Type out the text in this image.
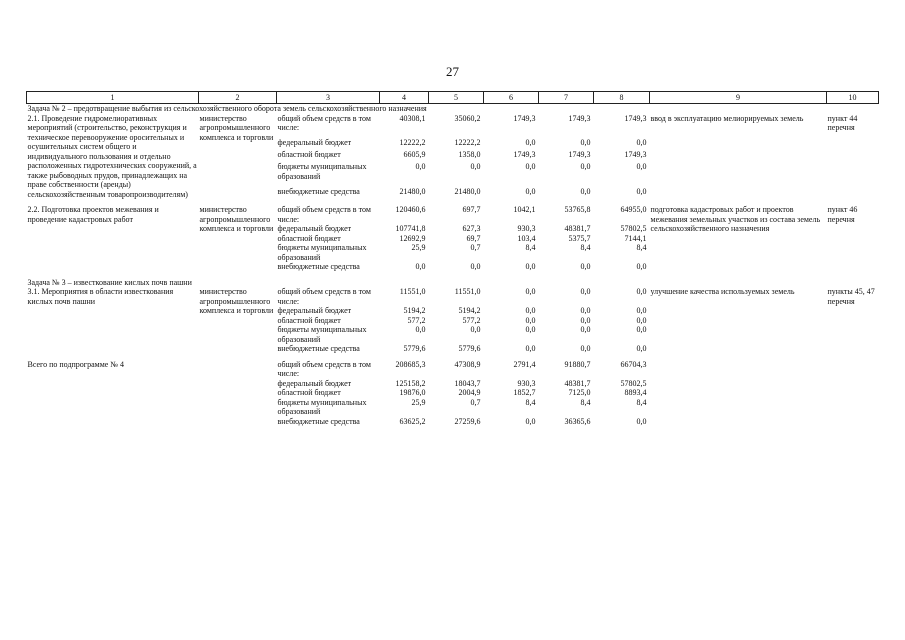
27
1	2	3	4	5	6	7	8	9	10
Задача № 2 – предотвращение выбытия из сельскохозяйственного оборота земель сельскохозяйственного назначения									
2.1. Проведение гидромелиоративных мероприятий (строительство, реконструкция и техническое перевооружение оросительных и осушительных систем общего и индивидуального пользования и отдельно расположенных гидротехнических сооружений, а также рыбоводных прудов, принадлежащих на праве собственности (аренды) сельскохозяйственным товаропроизводителям)	министерство агропромышленного комплекса и торговли	общий объем средств в том числе:	40308,1	35060,2	1749,3	1749,3	1749,3	ввод в эксплуатацию мелиорируемых земель	пункт 44 перечня
		федеральный бюджет	12222,2	12222,2	0,0	0,0	0,0		
		областной бюджет	6605,9	1358,0	1749,3	1749,3	1749,3		
		бюджеты муниципальных образований	0,0	0,0	0,0	0,0	0,0		
		внебюджетные средства	21480,0	21480,0	0,0	0,0	0,0		

2.2. Подготовка проектов межевания и проведение кадастровых работ	министерство агропромышленного комплекса и торговли	общий объем средств в том числе:	120460,6	697,7	1042,1	53765,8	64955,0	подготовка кадастровых работ и проектов межевания земельных участков из состава земель сельскохозяйственного назначения	пункт 46 перечня
		федеральный бюджет	107741,8	627,3	930,3	48381,7	57802,5		
		областной бюджет	12692,9	69,7	103,4	5375,7	7144,1		
		бюджеты муниципальных образований	25,9	0,7	8,4	8,4	8,4		
		внебюджетные средства	0,0	0,0	0,0	0,0	0,0		

Задача № 3 – известкование кислых почв пашни									
3.1. Мероприятия в области известкования кислых почв пашни	министерство агропромышленного комплекса и торговли	общий объем средств в том числе:	11551,0	11551,0	0,0	0,0	0,0	улучшение качества используемых земель	пункты 45, 47 перечня
		федеральный бюджет	5194,2	5194,2	0,0	0,0	0,0		
		областной бюджет	577,2	577,2	0,0	0,0	0,0		
		бюджеты муниципальных образований	0,0	0,0	0,0	0,0	0,0		
		внебюджетные средства	5779,6	5779,6	0,0	0,0	0,0		

Всего по подпрограмме № 4		общий объем средств в том числе:	208685,3	47308,9	2791,4	91880,7	66704,3		
		федеральный бюджет	125158,2	18043,7	930,3	48381,7	57802,5		
		областной бюджет	19876,0	2004,9	1852,7	7125,0	8893,4		
		бюджеты муниципальных образований	25,9	0,7	8,4	8,4	8,4		
		внебюджетные средства	63625,2	27259,6	0,0	36365,6	0,0		
